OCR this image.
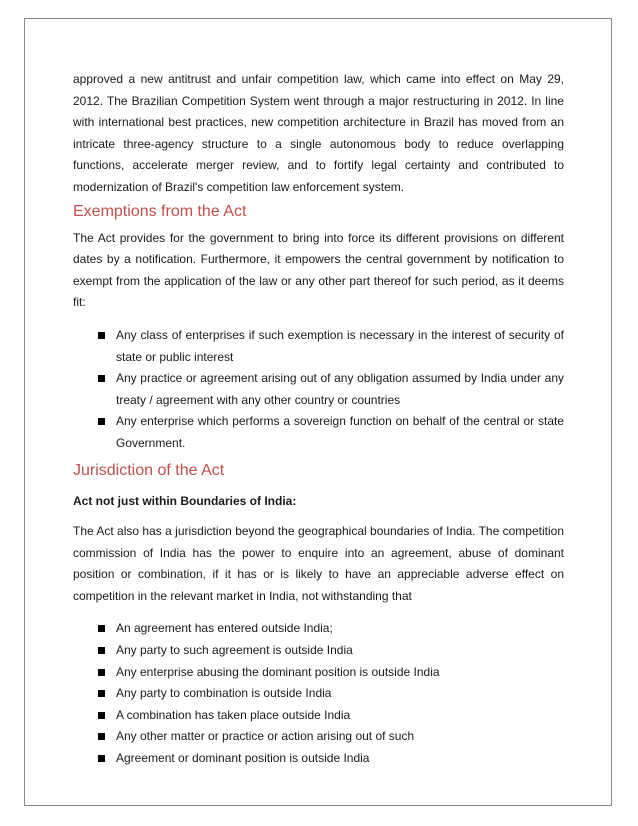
approved a new antitrust and unfair competition law, which came into effect on May 29, 2012. The Brazilian Competition System went through a major restructuring in 2012. In line with international best practices, new competition architecture in Brazil has moved from an intricate three-agency structure to a single autonomous body to reduce overlapping functions, accelerate merger review, and to fortify legal certainty and contributed to modernization of Brazil's competition law enforcement system.

Exemptions from the Act

The Act provides for the government to bring into force its different provisions on different dates by a notification. Furthermore, it empowers the central government by notification to exempt from the application of the law or any other part thereof for such period, as it deems fit:

Any class of enterprises if such exemption is necessary in the interest of security of state or public interest
Any practice or agreement arising out of any obligation assumed by India under any treaty / agreement with any other country or countries
Any enterprise which performs a sovereign function on behalf of the central or state Government.
Jurisdiction of the Act

Act not just within Boundaries of India:

The Act also has a jurisdiction beyond the geographical boundaries of India. The competition commission of India has the power to enquire into an agreement, abuse of dominant position or combination, if it has or is likely to have an appreciable adverse effect on competition in the relevant market in India, not withstanding that

An agreement has entered outside India;
Any party to such agreement is outside India
Any enterprise abusing the dominant position is outside India
Any party to combination is outside India
A combination has taken place outside India
Any other matter or practice or action arising out of such
Agreement or dominant position is outside India
